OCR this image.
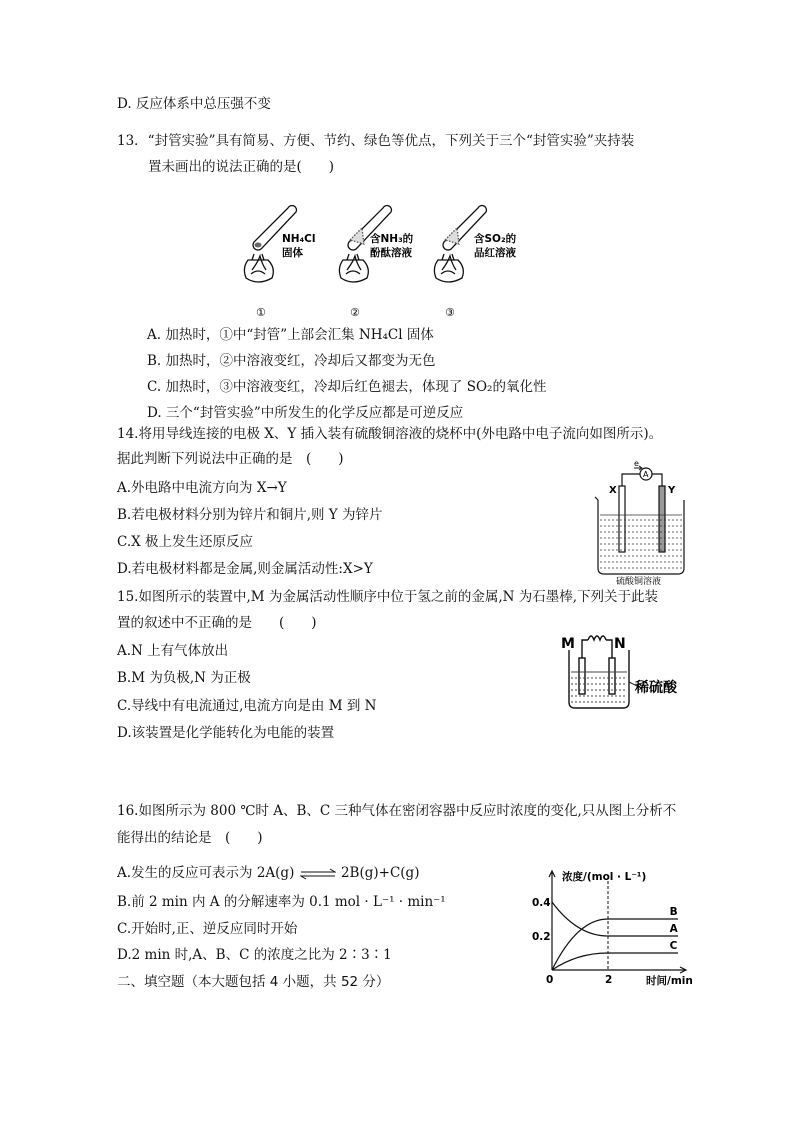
D. 反应体系中总压强不变
13．“封管实验”具有简易、方便、节约、绿色等优点，下列关于三个“封管实验”夹持装
置未画出的说法正确的是(　　)
NH₄Cl
固体
①
含NH₃的
酚酞溶液
②
含SO₂的
品红溶液
③
A. 加热时，①中“封管”上部会汇集 NH₄Cl 固体
B. 加热时，②中溶液变红，冷却后又都变为无色
C. 加热时，③中溶液变红，冷却后红色褪去，体现了 SO₂的氧化性
D. 三个“封管实验”中所发生的化学反应都是可逆反应
14.将用导线连接的电极 X、Y 插入装有硫酸铜溶液的烧杯中(外电路中电子流向如图所示)。
据此判断下列说法中正确的是　(　　)
A.外电路中电流方向为 X→Y
B.若电极材料分别为锌片和铜片,则 Y 为锌片
C.X 极上发生还原反应
D.若电极材料都是金属,则金属活动性:X>Y
X	Y
e
A
硫酸铜溶液
15.如图所示的装置中,M 为金属活动性顺序中位于氢之前的金属,N 为石墨棒,下列关于此装
置的叙述中不正确的是　　(　　)
A.N 上有气体放出
B.M 为负极,N 为正极
C.导线中有电流通过,电流方向是由 M 到 N
D.该装置是化学能转化为电能的装置
M	N
稀硫酸
16.如图所示为 800 ℃时 A、B、C 三种气体在密闭容器中反应时浓度的变化,只从图上分析不
能得出的结论是　(　　)
A.发生的反应可表示为 2A(g) ⇌ 2B(g)+C(g)
B.前 2 min 内 A 的分解速率为 0.1 mol · L⁻¹ · min⁻¹
C.开始时,正、逆反应同时开始
D.2 min 时,A、B、C 的浓度之比为 2∶3∶1
二、填空题（本大题包括 4 小题，共 52 分）
浓度/(mol · L⁻¹)
时间/min
0
0.4
0.2
2
B
A
C
